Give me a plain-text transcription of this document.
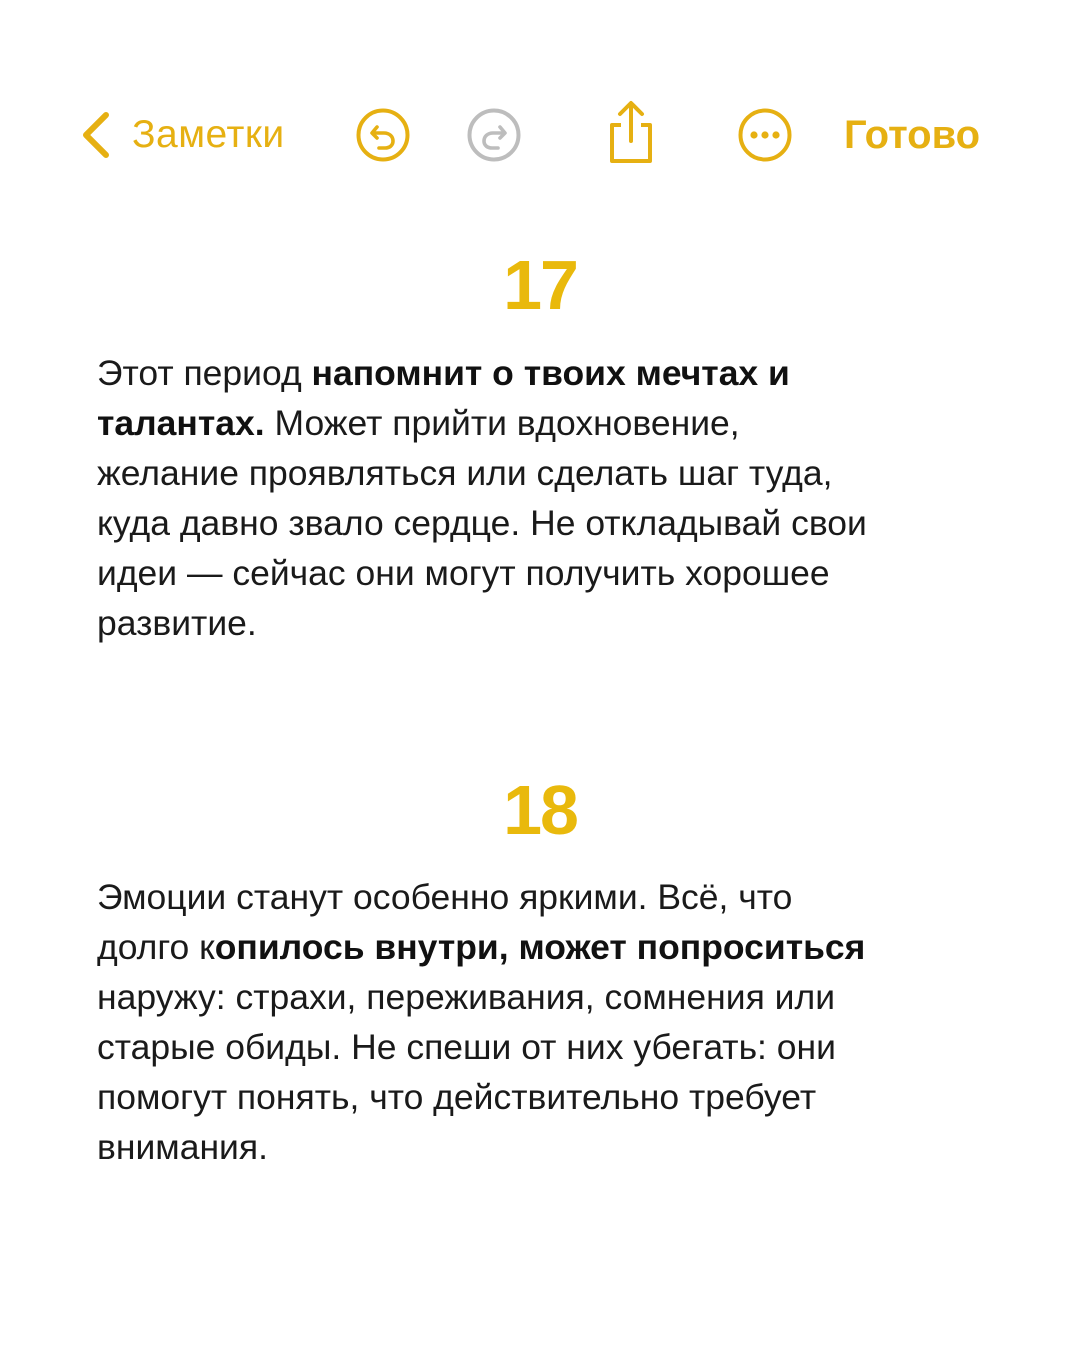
Заметки	Готово
17
Этот период напомнит о твоих мечтах и
талантах. Может прийти вдохновение,
желание проявляться или сделать шаг туда,
куда давно звало сердце. Не откладывай свои
идеи — сейчас они могут получить хорошее
развитие.
18
Эмоции станут особенно яркими. Всё, что
долго копилось внутри, может попроситься
наружу: страхи, переживания, сомнения или
старые обиды. Не спеши от них убегать: они
помогут понять, что действительно требует
внимания.
